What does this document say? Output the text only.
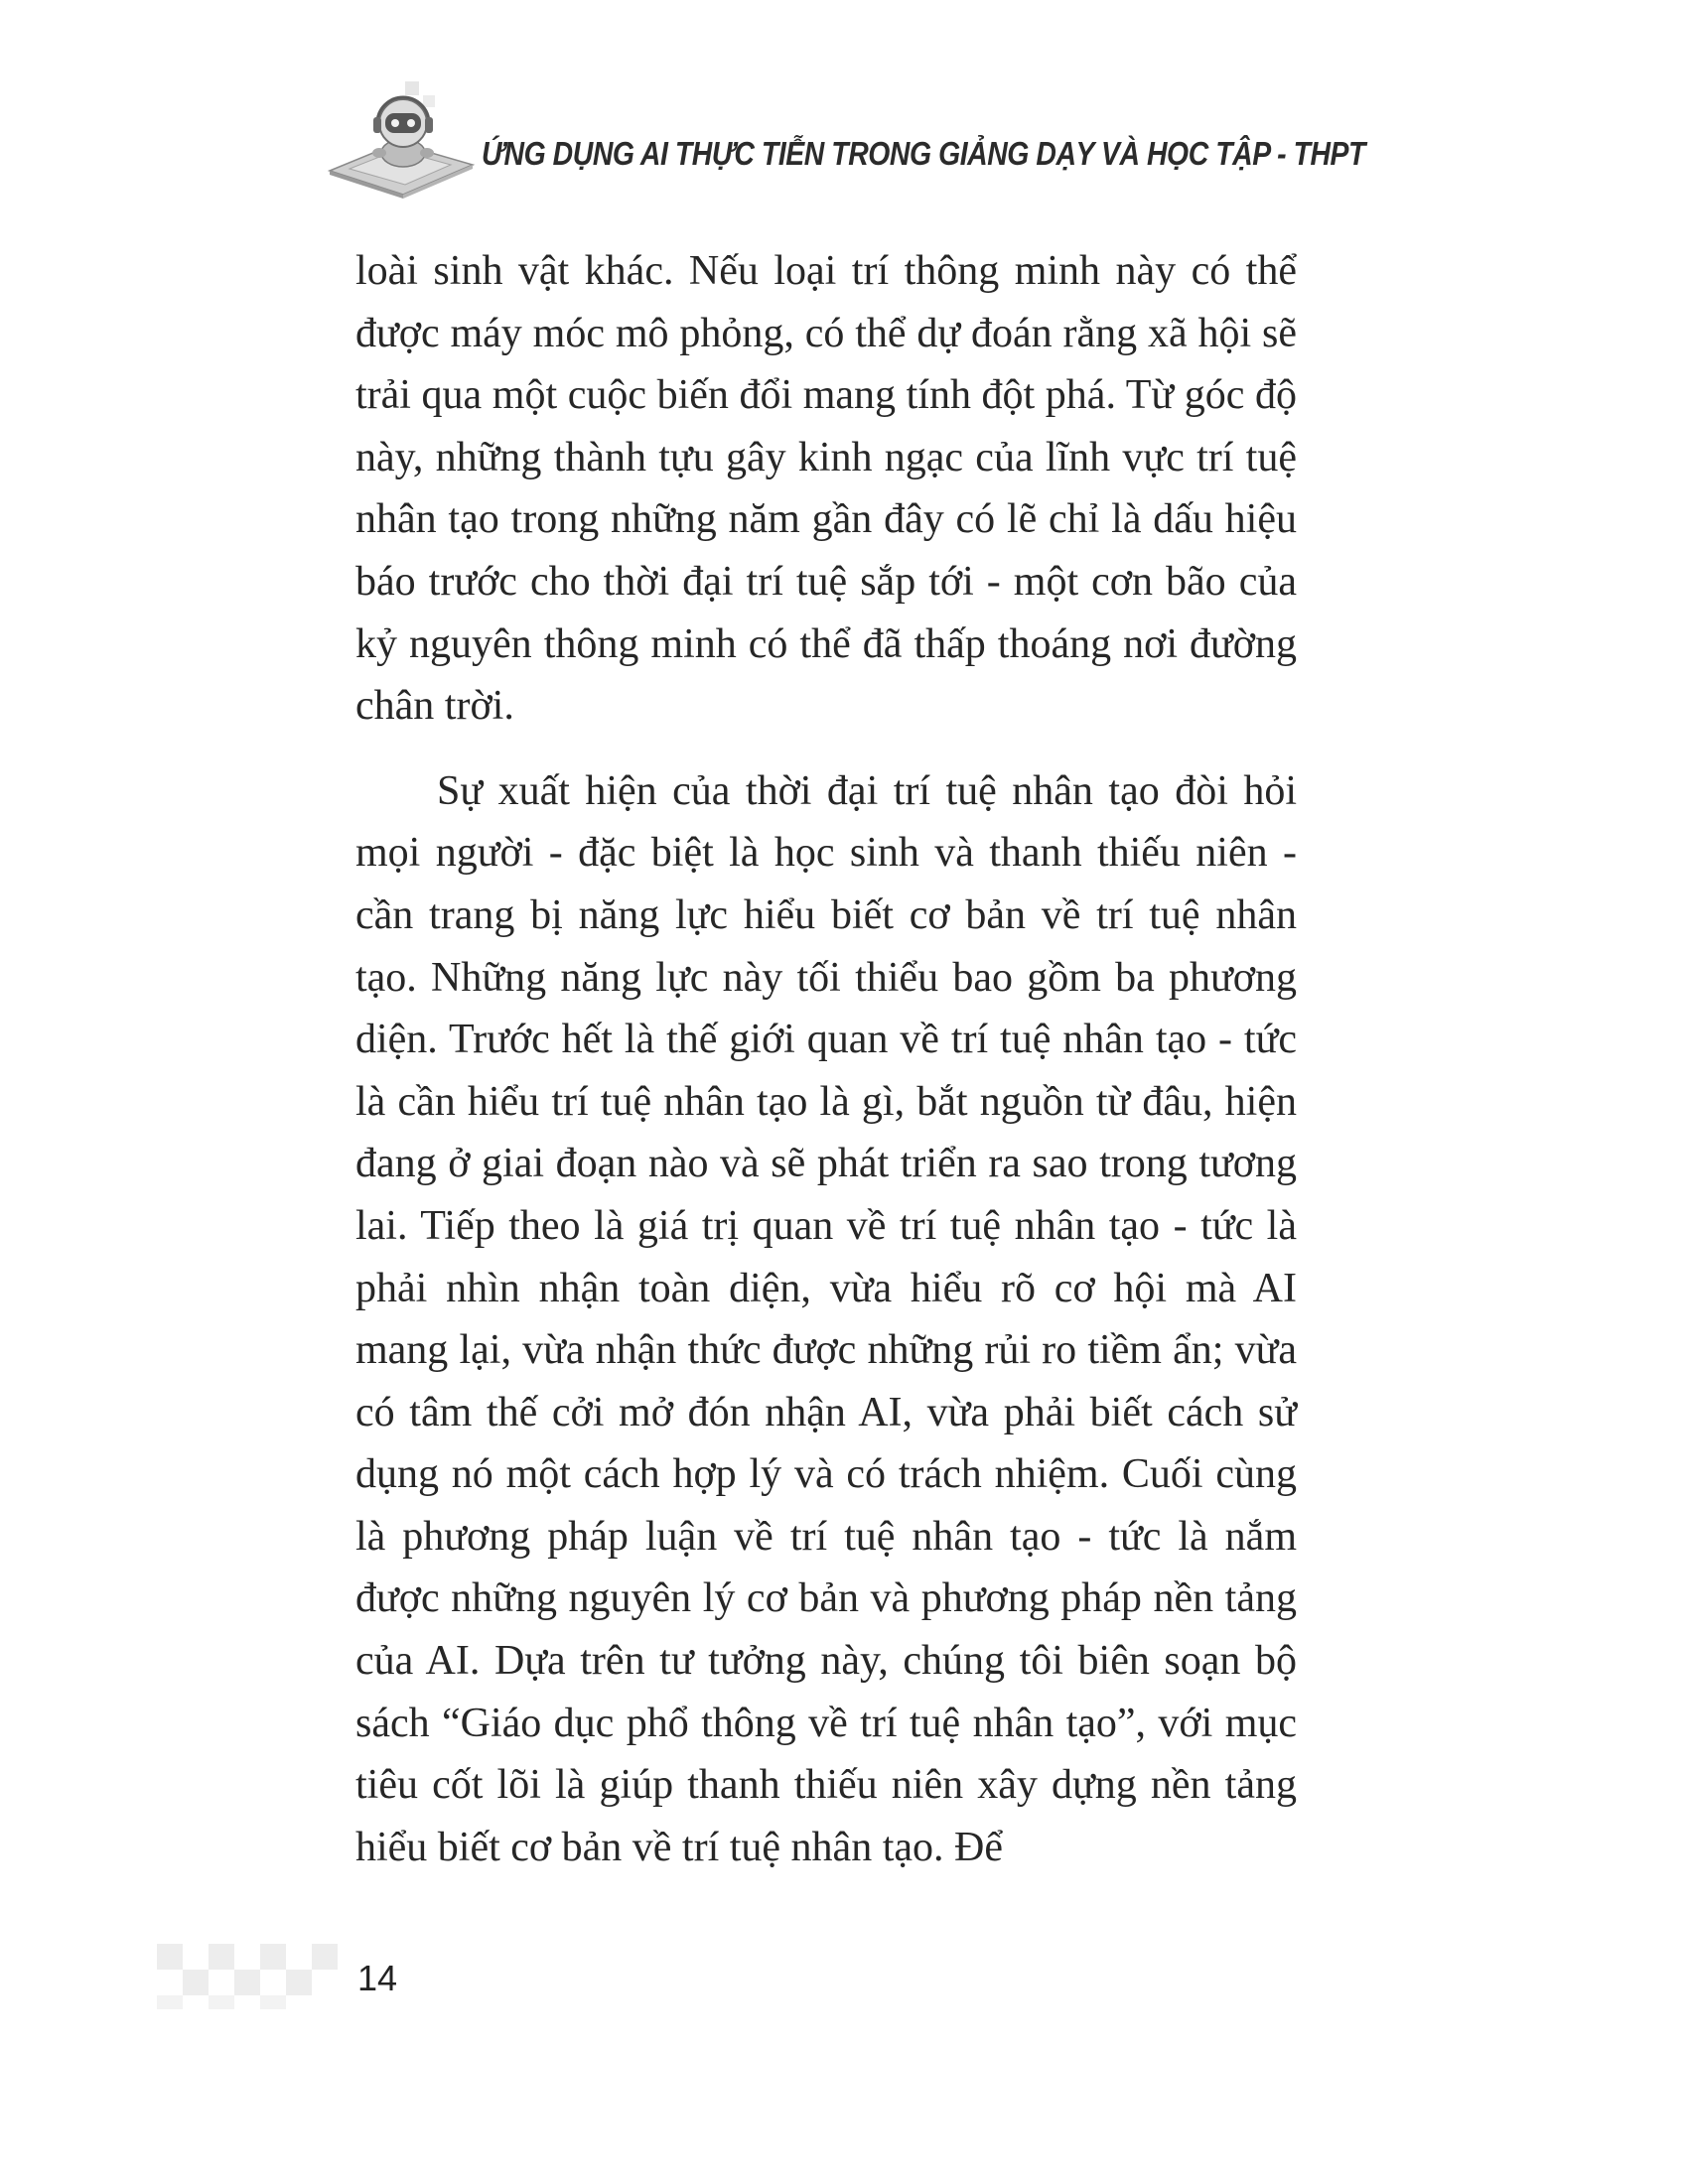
ỨNG DỤNG AI THỰC TIỄN TRONG GIẢNG DẠY VÀ HỌC TẬP - THPT

loài sinh vật khác. Nếu loại trí thông minh này có thể được máy móc mô phỏng, có thể dự đoán rằng xã hội sẽ trải qua một cuộc biến đổi mang tính đột phá. Từ góc độ này, những thành tựu gây kinh ngạc của lĩnh vực trí tuệ nhân tạo trong những năm gần đây có lẽ chỉ là dấu hiệu báo trước cho thời đại trí tuệ sắp tới - một cơn bão của kỷ nguyên thông minh có thể đã thấp thoáng nơi đường chân trời.

Sự xuất hiện của thời đại trí tuệ nhân tạo đòi hỏi mọi người - đặc biệt là học sinh và thanh thiếu niên - cần trang bị năng lực hiểu biết cơ bản về trí tuệ nhân tạo. Những năng lực này tối thiểu bao gồm ba phương diện. Trước hết là thế giới quan về trí tuệ nhân tạo - tức là cần hiểu trí tuệ nhân tạo là gì, bắt nguồn từ đâu, hiện đang ở giai đoạn nào và sẽ phát triển ra sao trong tương lai. Tiếp theo là giá trị quan về trí tuệ nhân tạo - tức là phải nhìn nhận toàn diện, vừa hiểu rõ cơ hội mà AI mang lại, vừa nhận thức được những rủi ro tiềm ẩn; vừa có tâm thế cởi mở đón nhận AI, vừa phải biết cách sử dụng nó một cách hợp lý và có trách nhiệm. Cuối cùng là phương pháp luận về trí tuệ nhân tạo - tức là nắm được những nguyên lý cơ bản và phương pháp nền tảng của AI. Dựa trên tư tưởng này, chúng tôi biên soạn bộ sách “Giáo dục phổ thông về trí tuệ nhân tạo”, với mục tiêu cốt lõi là giúp thanh thiếu niên xây dựng nền tảng hiểu biết cơ bản về trí tuệ nhân tạo. Để

14
